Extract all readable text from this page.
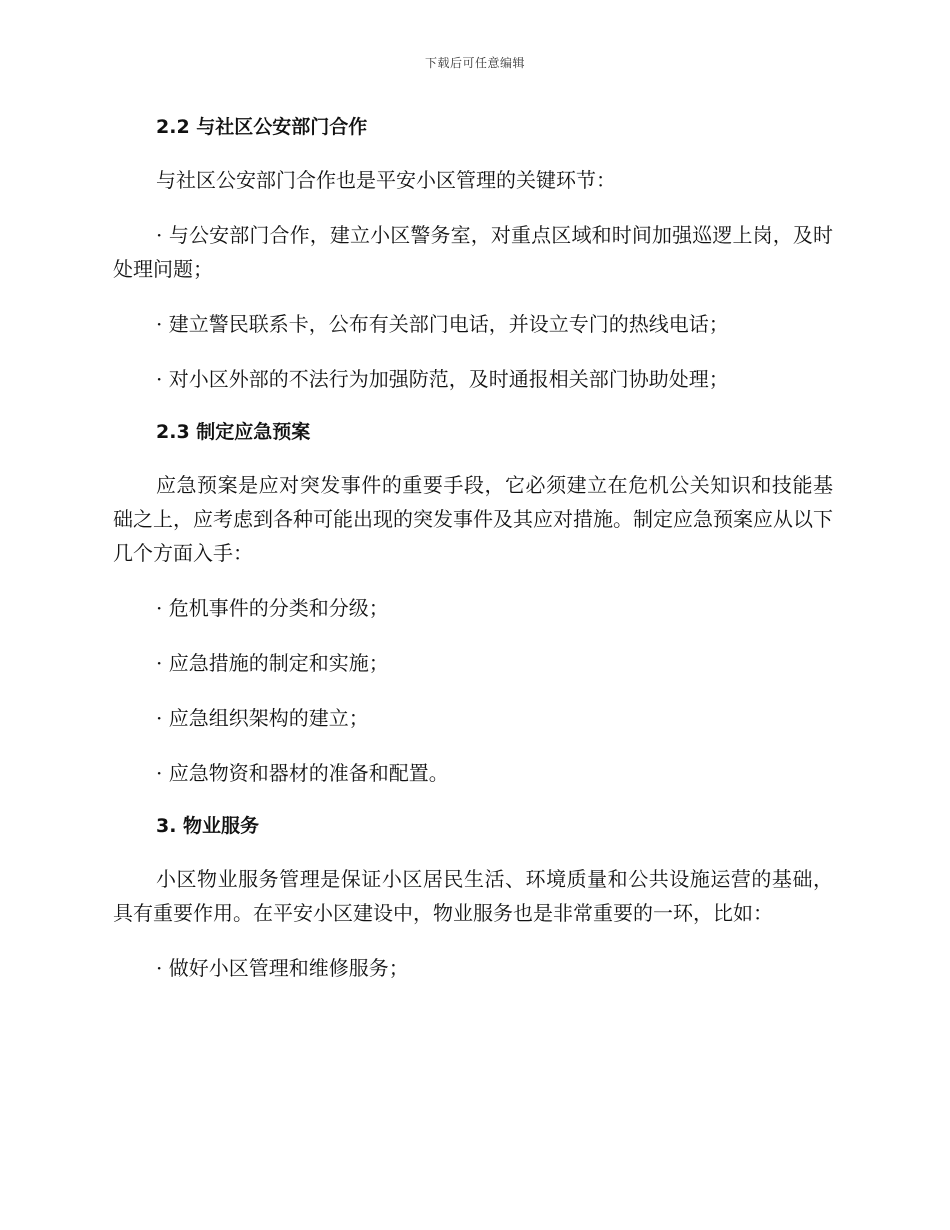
下载后可任意编辑
2.2 与社区公安部门合作

与社区公安部门合作也是平安小区管理的关键环节：

· 与公安部门合作，建立小区警务室，对重点区域和时间加强巡逻上岗，及时处理问题；

· 建立警民联系卡，公布有关部门电话，并设立专门的热线电话；

· 对小区外部的不法行为加强防范，及时通报相关部门协助处理；

2.3 制定应急预案

应急预案是应对突发事件的重要手段，它必须建立在危机公关知识和技能基础之上，应考虑到各种可能出现的突发事件及其应对措施。制定应急预案应从以下几个方面入手：

· 危机事件的分类和分级；

· 应急措施的制定和实施；

· 应急组织架构的建立；

· 应急物资和器材的准备和配置。

3. 物业服务

小区物业服务管理是保证小区居民生活、环境质量和公共设施运营的基础，具有重要作用。在平安小区建设中，物业服务也是非常重要的一环，比如：

· 做好小区管理和维修服务；
